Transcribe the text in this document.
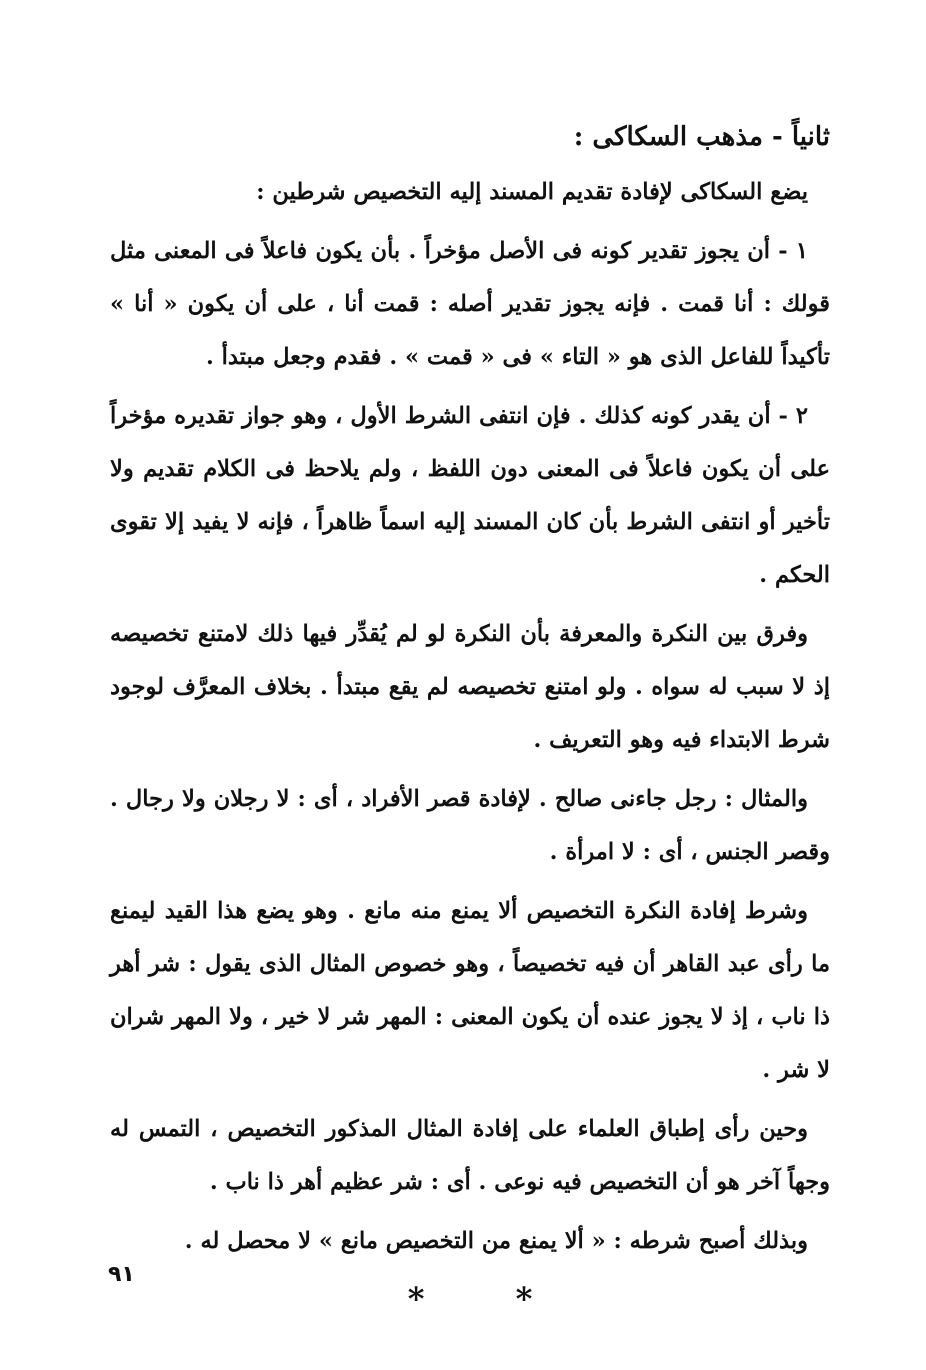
ثانياً - مذهب السكاكى :

يضع السكاكى لإفادة تقديم المسند إليه التخصيص شرطين :

١ - أن يجوز تقدير كونه فى الأصل مؤخراً . بأن يكون فاعلاً فى المعنى مثل قولك : أنا قمت . فإنه يجوز تقدير أصله : قمت أنا ، على أن يكون « أنا » تأكيداً للفاعل الذى هو « التاء » فى « قمت » . فقدم وجعل مبتدأ .

٢ - أن يقدر كونه كذلك . فإن انتفى الشرط الأول ، وهو جواز تقديره مؤخراً على أن يكون فاعلاً فى المعنى دون اللفظ ، ولم يلاحظ فى الكلام تقديم ولا تأخير أو انتفى الشرط بأن كان المسند إليه اسماً ظاهراً ، فإنه لا يفيد إلا تقوى الحكم .

وفرق بين النكرة والمعرفة بأن النكرة لو لم يُقدِّر فيها ذلك لامتنع تخصيصه إذ لا سبب له سواه . ولو امتنع تخصيصه لم يقع مبتدأ . بخلاف المعرَّف لوجود شرط الابتداء فيه وهو التعريف .

والمثال : رجل جاءنى صالح . لإفادة قصر الأفراد ، أى : لا رجلان ولا رجال . وقصر الجنس ، أى : لا امرأة .

وشرط إفادة النكرة التخصيص ألا يمنع منه مانع . وهو يضع هذا القيد ليمنع ما رأى عبد القاهر أن فيه تخصيصاً ، وهو خصوص المثال الذى يقول : شر أهر ذا ناب ، إذ لا يجوز عنده أن يكون المعنى : المهر شر لا خير ، ولا المهر شران لا شر .

وحين رأى إطباق العلماء على إفادة المثال المذكور التخصيص ، التمس له وجهاً آخر هو أن التخصيص فيه نوعى . أى : شر عظيم أهر ذا ناب .

وبذلك أصبح شرطه : « ألا يمنع من التخصيص مانع » لا محصل له .

* *
٩١
